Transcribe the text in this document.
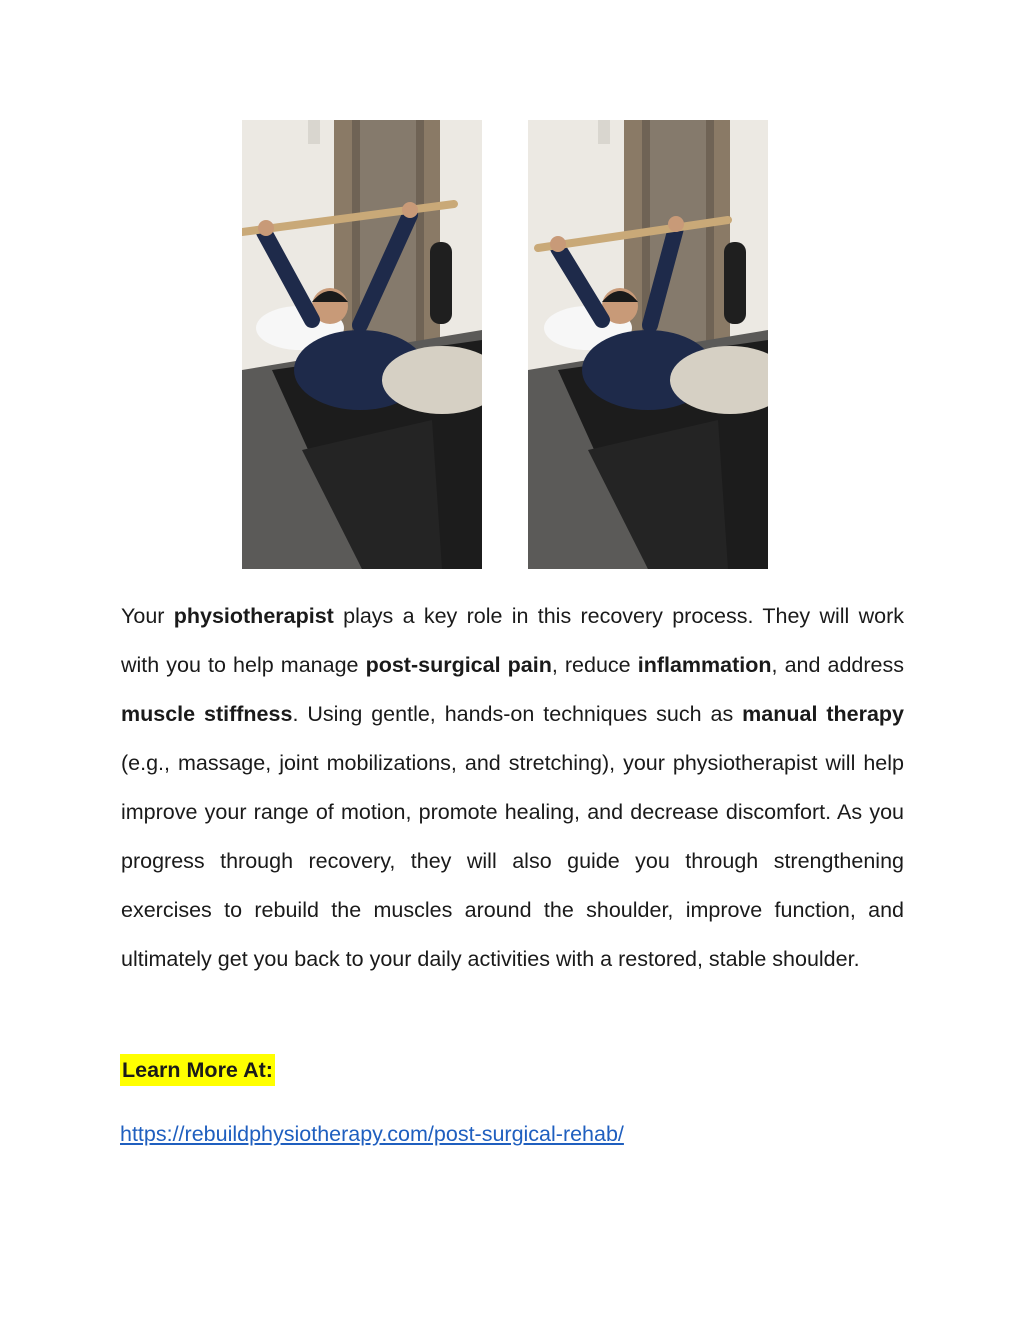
Your physiotherapist plays a key role in this recovery process. They will work with you to help manage post-surgical pain, reduce inflammation, and address muscle stiffness. Using gentle, hands-on techniques such as manual therapy (e.g., massage, joint mobilizations, and stretching), your physiotherapist will help improve your range of motion, promote healing, and decrease discomfort. As you progress through recovery, they will also guide you through strengthening exercises to rebuild the muscles around the shoulder, improve function, and ultimately get you back to your daily activities with a restored, stable shoulder.

Learn More At:
https://rebuildphysiotherapy.com/post-surgical-rehab/
